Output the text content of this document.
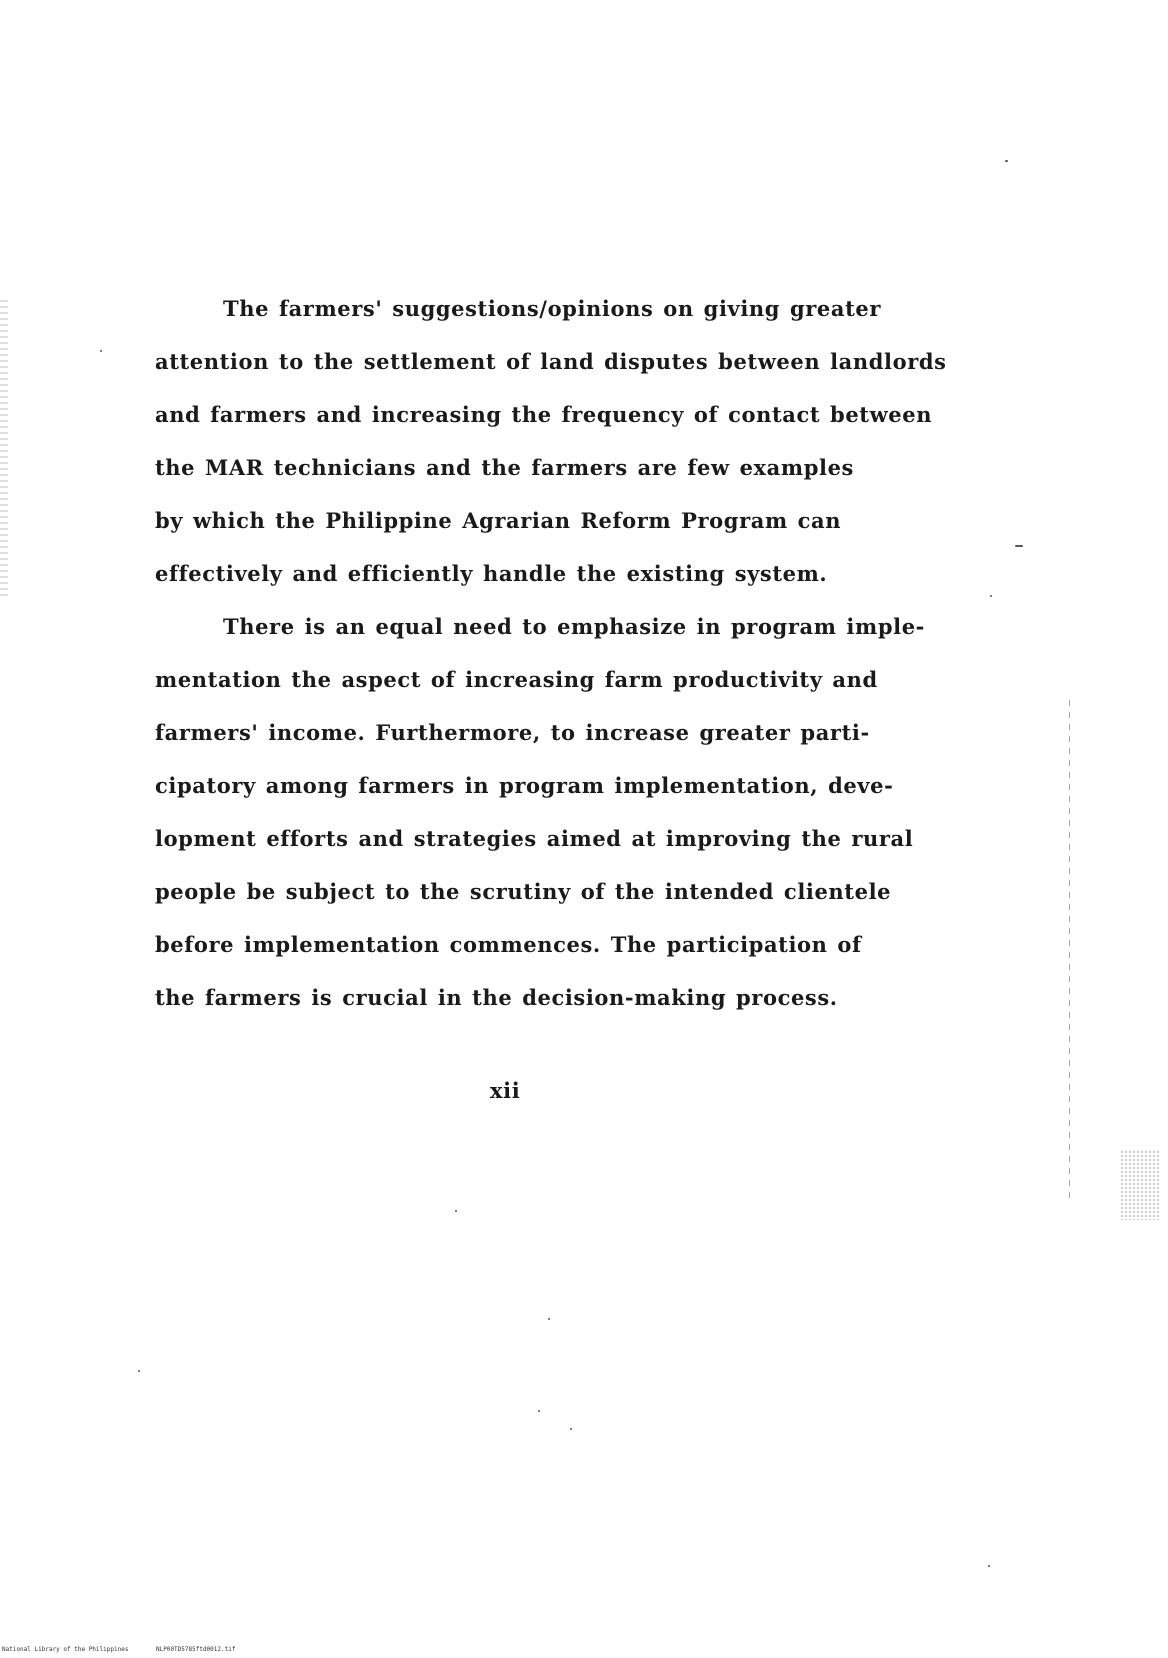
The farmers' suggestions/opinions on giving greater
attention to the settlement of land disputes between landlords
and farmers and increasing the frequency of contact between
the MAR technicians and the farmers are few examples
by which the Philippine Agrarian Reform Program can
effectively and efficiently handle the existing system.
There is an equal need to emphasize in program imple-
mentation the aspect of increasing farm productivity and
farmers' income. Furthermore, to increase greater parti-
cipatory among farmers in program implementation, deve-
lopment efforts and strategies aimed at improving the rural
people be subject to the scrutiny of the intended clientele
before implementation commences. The participation of
the farmers is crucial in the decision-making process.
xii
National Library of the Philippines	NLP00TD5785ftd0012.tif
